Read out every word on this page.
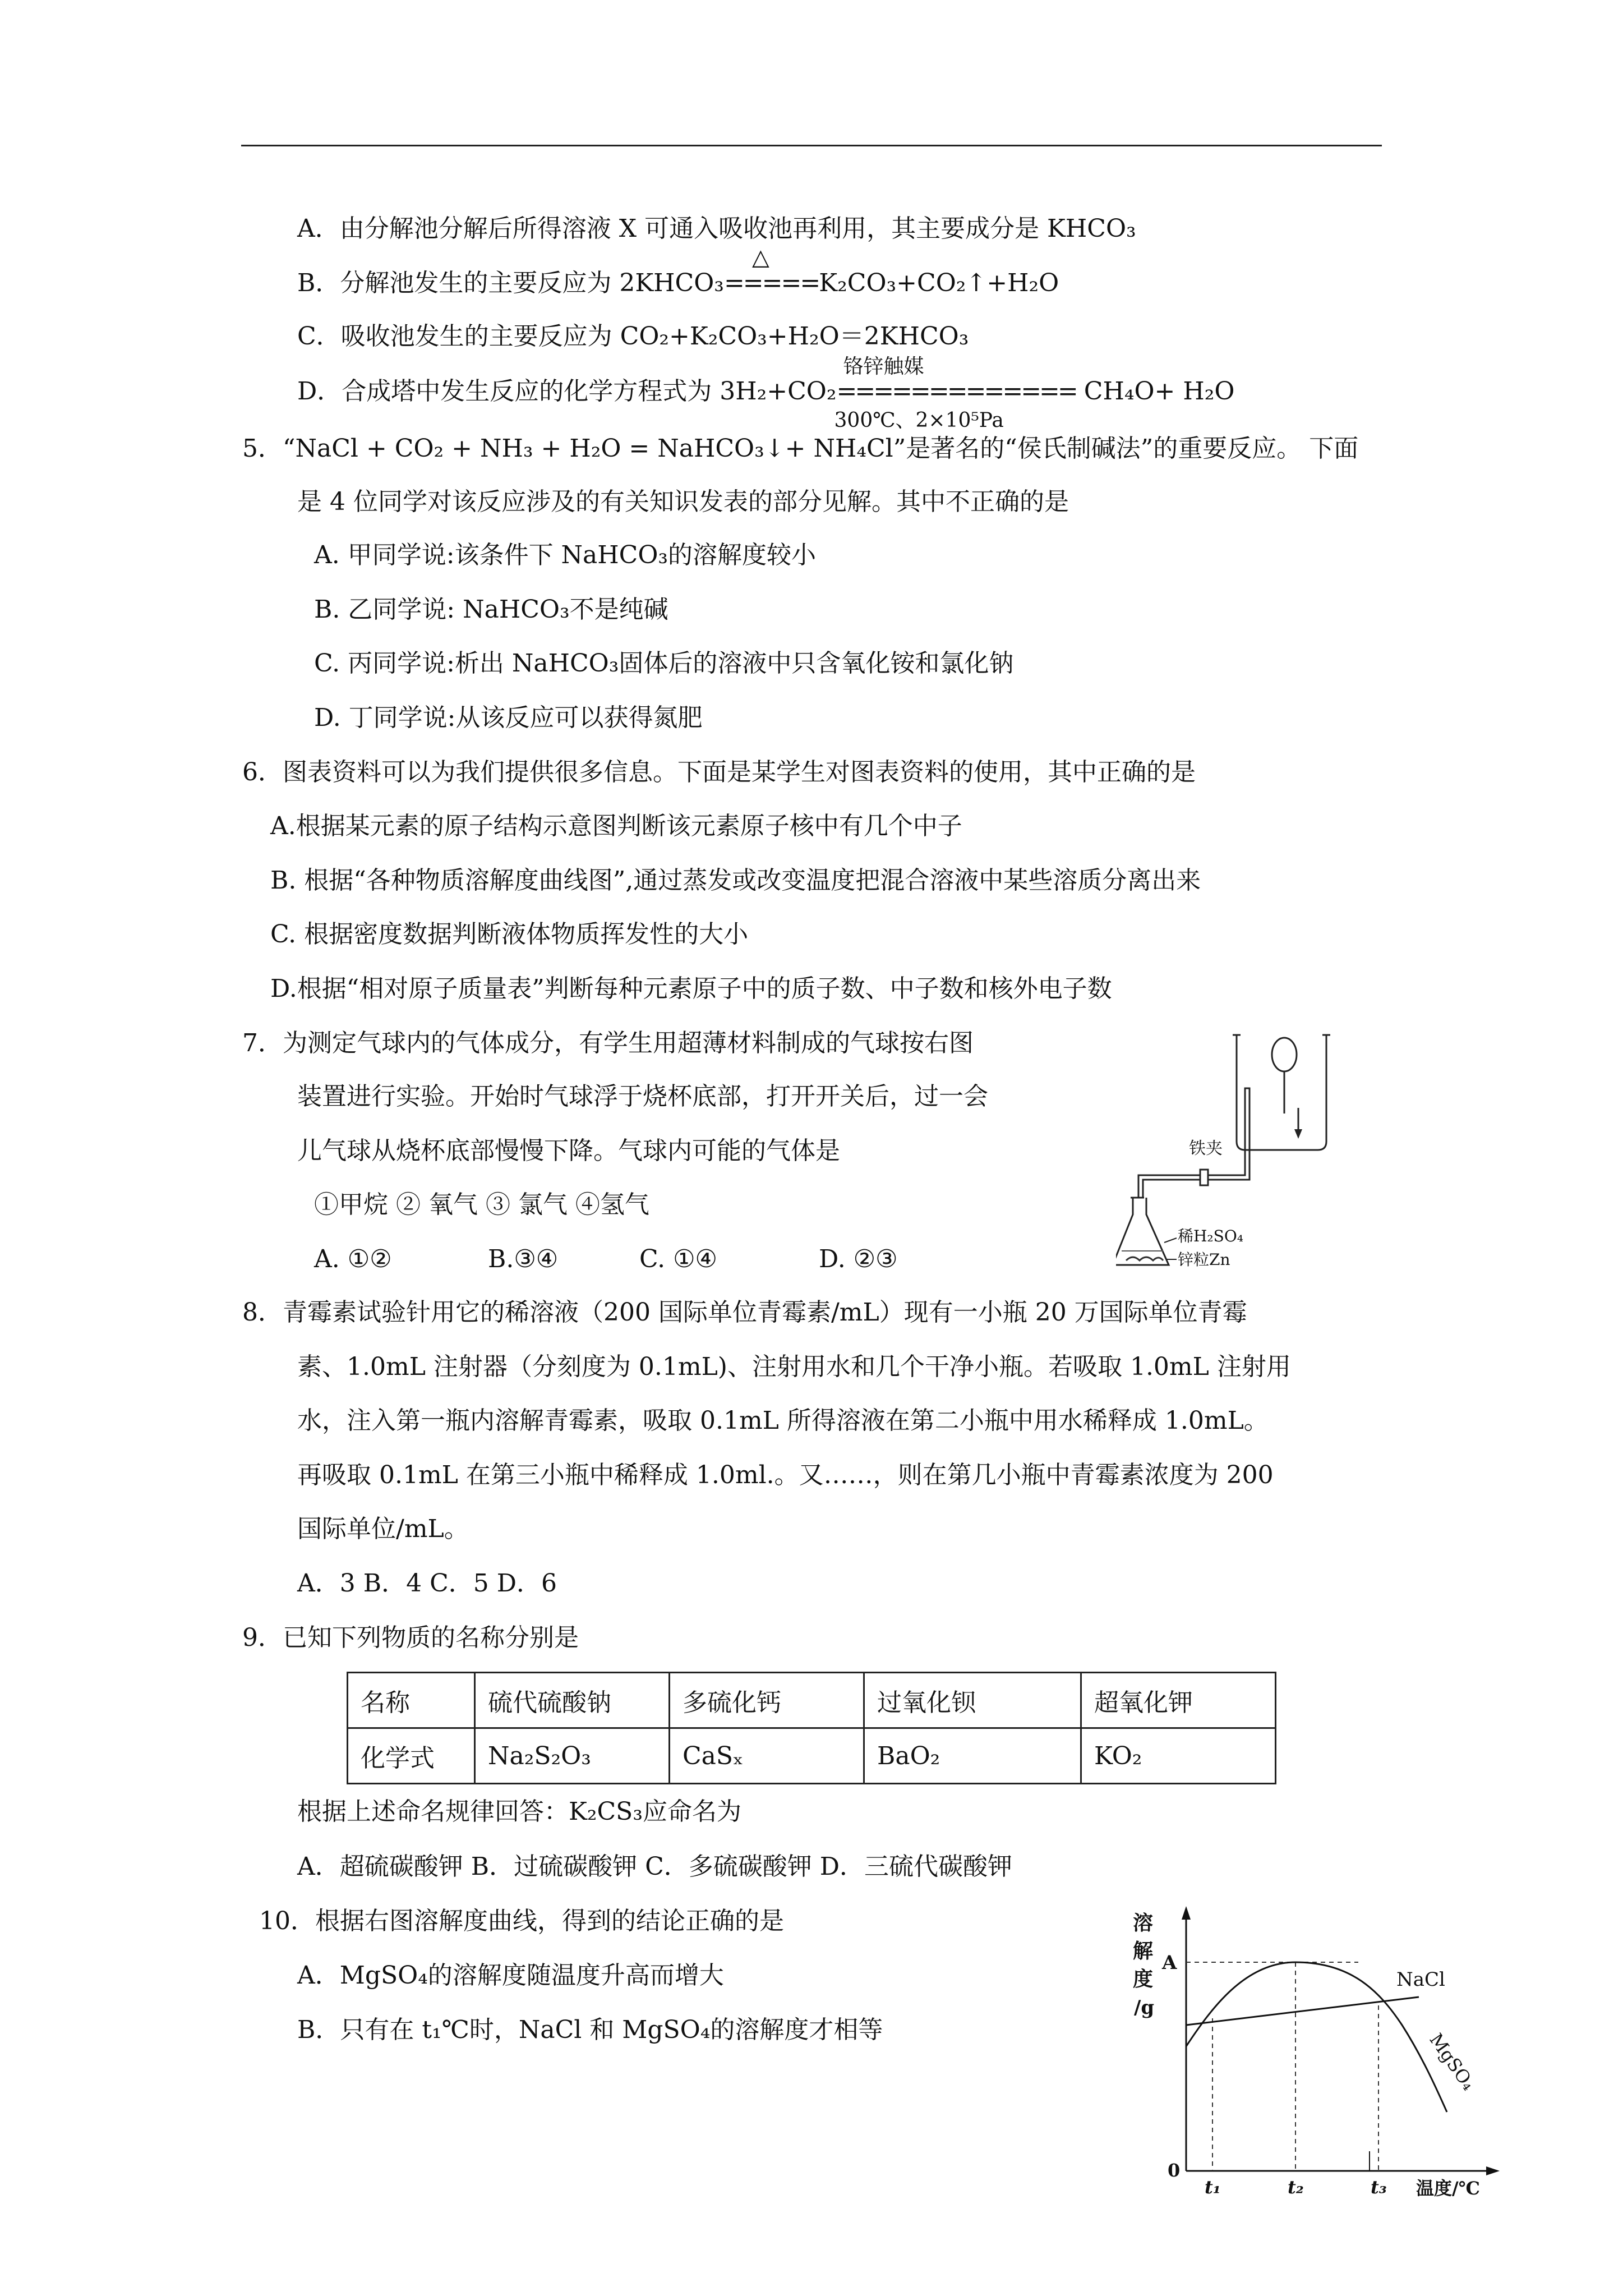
A．由分解池分解后所得溶液 X 可通入吸收池再利用，其主要成分是 KHCO₃
B．分解池发生的主要反应为 2KHCO₃
△
=====K₂CO₃+CO₂↑+H₂O
C．吸收池发生的主要反应为 CO₂+K₂CO₃+H₂O＝2KHCO₃
D．合成塔中发生反应的化学方程式为 3H₂+CO₂
铬锌触媒
=============
300℃、2×10⁵Pa
CH₄O+ H₂O
5．“NaCl + CO₂ + NH₃ + H₂O = NaHCO₃↓+ NH₄Cl”是著名的“侯氏制碱法”的重要反应。 下面
是 4 位同学对该反应涉及的有关知识发表的部分见解。其中不正确的是
A. 甲同学说:该条件下 NaHCO₃的溶解度较小
B. 乙同学说: NaHCO₃不是纯碱
C. 丙同学说:析出 NaHCO₃固体后的溶液中只含氧化铵和氯化钠
D. 丁同学说:从该反应可以获得氮肥
6．图表资料可以为我们提供很多信息。下面是某学生对图表资料的使用，其中正确的是
A.根据某元素的原子结构示意图判断该元素原子核中有几个中子
B. 根据“各种物质溶解度曲线图”,通过蒸发或改变温度把混合溶液中某些溶质分离出来
C. 根据密度数据判断液体物质挥发性的大小
D.根据“相对原子质量表”判断每种元素原子中的质子数、中子数和核外电子数
7．为测定气球内的气体成分，有学生用超薄材料制成的气球按右图
装置进行实验。开始时气球浮于烧杯底部，打开开关后，过一会
儿气球从烧杯底部慢慢下降。气球内可能的气体是
①甲烷 ② 氧气 ③ 氯气 ④氢气
A. ①②	B.③④	C. ①④	D. ②③
铁夹
稀H₂SO₄
锌粒Zn
8．青霉素试验针用它的稀溶液（200 国际单位青霉素/mL）现有一小瓶 20 万国际单位青霉
素、1.0mL 注射器（分刻度为 0.1mL)、注射用水和几个干净小瓶。若吸取 1.0mL 注射用
水，注入第一瓶内溶解青霉素，吸取 0.1mL 所得溶液在第二小瓶中用水稀释成 1.0mL。
再吸取 0.1mL 在第三小瓶中稀释成 1.0ml.。又……，则在第几小瓶中青霉素浓度为 200
国际单位/mL。
A．3 B．4 C．5 D．6
9．已知下列物质的名称分别是
名称	硫代硫酸钠	多硫化钙	过氧化钡	超氧化钾
化学式	Na₂S₂O₃	CaSₓ	BaO₂	KO₂
根据上述命名规律回答：K₂CS₃应命名为
A．超硫碳酸钾 B．过硫碳酸钾 C．多硫碳酸钾 D．三硫代碳酸钾
10．根据右图溶解度曲线，得到的结论正确的是
A．MgSO₄的溶解度随温度升高而增大
B．只有在 t₁℃时，NaCl 和 MgSO₄的溶解度才相等
溶
解
度
/g
A
0
NaCl
MgSO₄
t₁	t₂	t₃ 温度/℃
